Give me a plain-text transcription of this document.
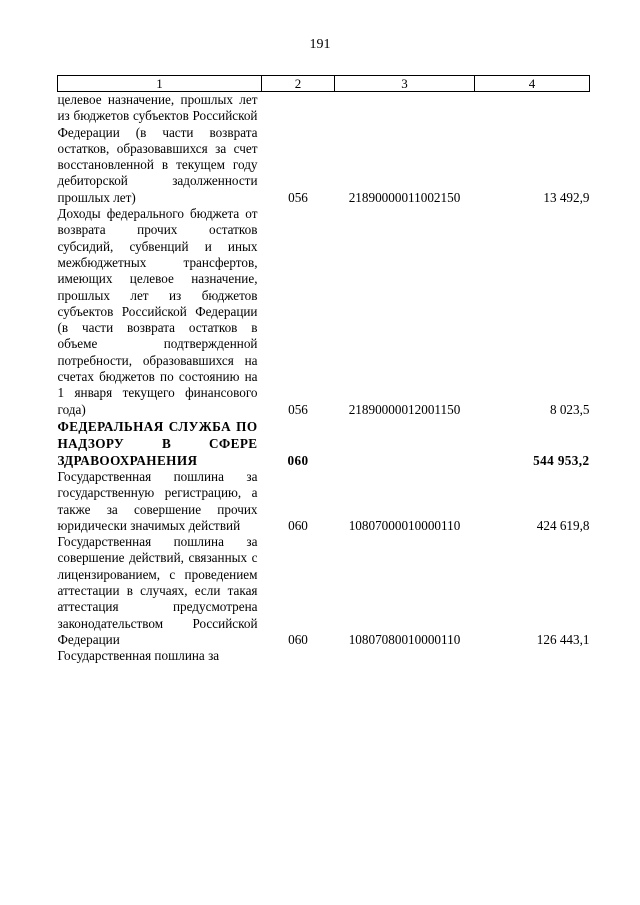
191
1	2	3	4
целевое назначение, прошлых лет из бюджетов субъектов Российской Федерации (в части возврата остатков, образовавшихся за счет восстановленной в текущем году дебиторской задолженности прошлых лет)	056	21890000011002150	13 492,9
Доходы федерального бюджета от возврата прочих остатков субсидий, субвенций и иных межбюджетных трансфертов, имеющих целевое назначение, прошлых лет из бюджетов субъектов Российской Федерации (в части возврата остатков в объеме подтвержденной потребности, образовавшихся на счетах бюджетов по состоянию на 1 января текущего финансового года)	056	21890000012001150	8 023,5
ФЕДЕРАЛЬНАЯ СЛУЖБА ПО НАДЗОРУ В СФЕРЕ ЗДРАВООХРАНЕНИЯ	060		544 953,2
Государственная пошлина за государственную регистрацию, а также за совершение прочих юридически значимых действий	060	10807000010000110	424 619,8
Государственная пошлина за совершение действий, связанных с лицензированием, с проведением аттестации в случаях, если такая аттестация предусмотрена законодательством Российской Федерации	060	10807080010000110	126 443,1
Государственная пошлина за			
